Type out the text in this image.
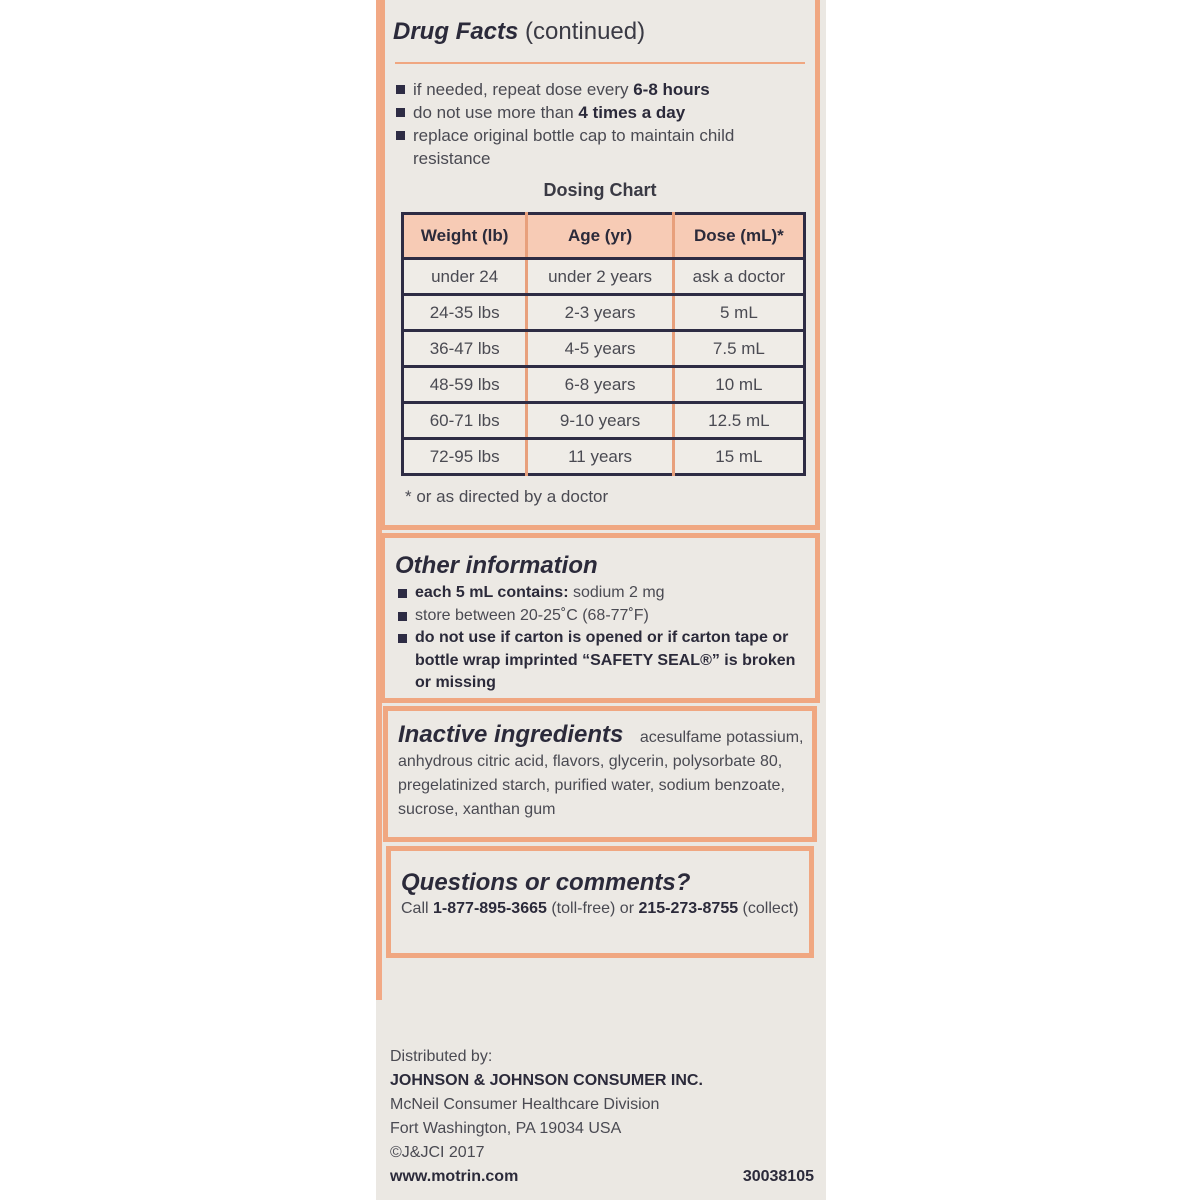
Drug Facts (continued)
if needed, repeat dose every 6-8 hours
do not use more than 4 times a day
replace original bottle cap to maintain child resistance
Dosing Chart
Weight (lb)	Age (yr)	Dose (mL)*
under 24	under 2 years	ask a doctor
24-35 lbs	2-3 years	5 mL
36-47 lbs	4-5 years	7.5 mL
48-59 lbs	6-8 years	10 mL
60-71 lbs	9-10 years	12.5 mL
72-95 lbs	11 years	15 mL
* or as directed by a doctor
Other information
each 5 mL contains: sodium 2 mg
store between 20-25˚C (68-77˚F)
do not use if carton is opened or if carton tape or bottle wrap imprinted “SAFETY SEAL®” is broken or missing
Inactive ingredients acesulfame potassium, anhydrous citric acid, flavors, glycerin, polysorbate 80, pregelatinized starch, purified water, sodium benzoate, sucrose, xanthan gum
Questions or comments?
Call 1-877-895-3665 (toll-free) or 215-273-8755 (collect)
Distributed by:
JOHNSON & JOHNSON CONSUMER INC.
McNeil Consumer Healthcare Division
Fort Washington, PA 19034 USA
©J&JCI 2017
www.motrin.com	30038105
